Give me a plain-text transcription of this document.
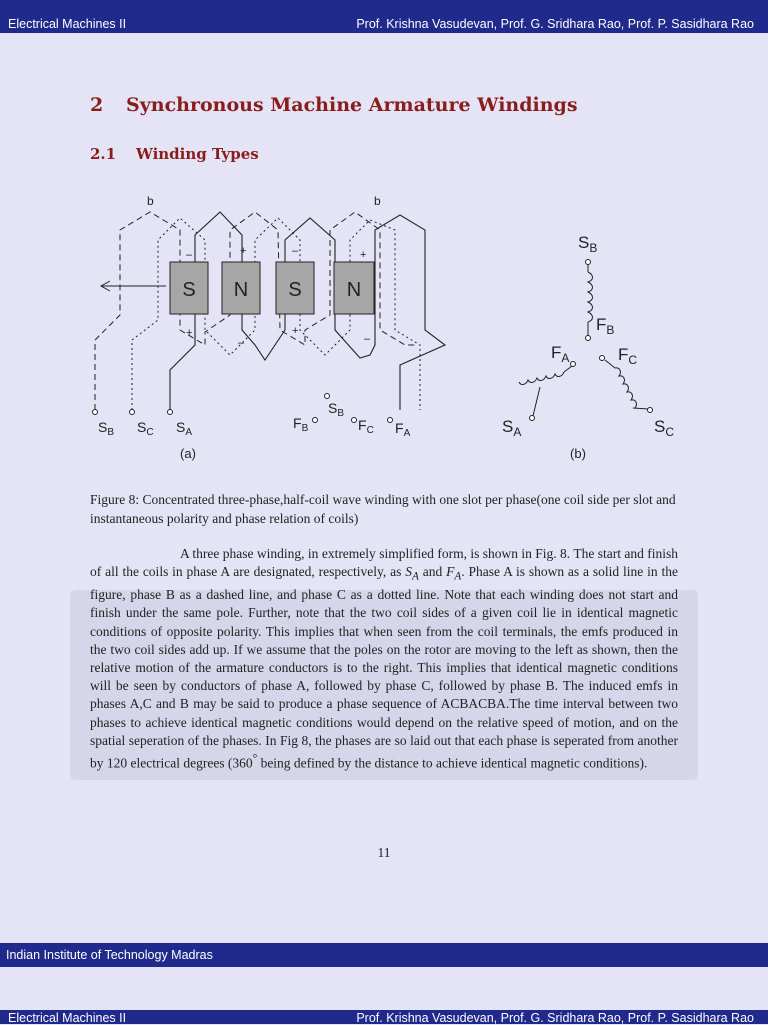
Electrical Machines II	Prof. Krishna Vasudevan, Prof. G. Sridhara Rao, Prof. P. Sasidhara Rao
2 Synchronous Machine Armature Windings
2.1 Winding Types
S N S N
–	+	–	+
+
–
+
–
b	b
$S_B$ $S_C$ $S_A$
$F_B$
$S_B$
$F_C$ $F_A$
(a)
$S_B$
$F_B$
$F_A$	$F_C$
$S_A$	$S_C$
(b)
Figure 8: Concentrated three-phase,half-coil wave winding with one slot per phase(one coil side per slot and instantaneous polarity and phase relation of coils)
A three phase winding, in extremely simplified form, is shown in Fig. 8. The start and finish of all the coils in phase A are designated, respectively, as $S_A$ and $F_A$. Phase A is shown as a solid line in the figure, phase B as a dashed line, and phase C as a dotted line. Note that each winding does not start and finish under the same pole. Further, note that the two coil sides of a given coil lie in identical magnetic conditions of opposite polarity. This implies that when seen from the coil terminals, the emfs produced in the two coil sides add up. If we assume that the poles on the rotor are moving to the left as shown, then the relative motion of the armature conductors is to the right. This implies that identical magnetic conditions will be seen by conductors of phase A, followed by phase C, followed by phase B. The induced emfs in phases A,C and B may be said to produce a phase sequence of ACBACBA.The time interval between two phases to achieve identical magnetic conditions would depend on the relative speed of motion, and on the spatial seperation of the phases. In Fig 8, the phases are so laid out that each phase is seperated from another by 120 electrical degrees (360° being defined by the distance to achieve identical magnetic conditions).
11
Indian Institute of Technology Madras
Electrical Machines II	Prof. Krishna Vasudevan, Prof. G. Sridhara Rao, Prof. P. Sasidhara Rao
